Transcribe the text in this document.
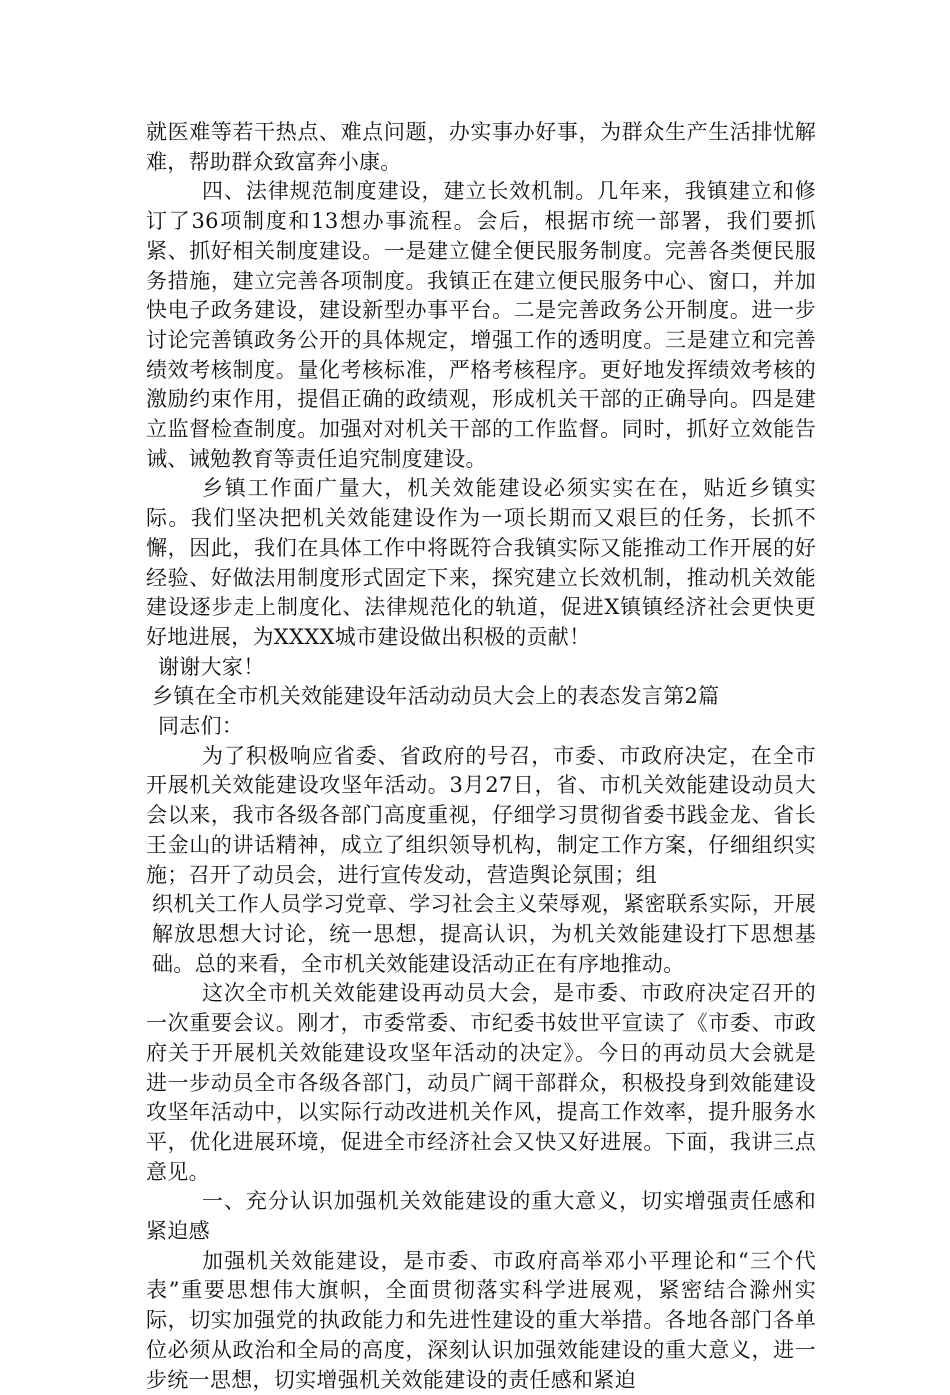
就医难等若干热点、难点问题，办实事办好事，为群众生产生活排忧解难，帮助群众致富奔小康。

四、法律规范制度建设，建立长效机制。几年来，我镇建立和修订了36项制度和13想办事流程。会后，根据市统一部署，我们要抓紧、抓好相关制度建设。一是建立健全便民服务制度。完善各类便民服务措施，建立完善各项制度。我镇正在建立便民服务中心、窗口，并加快电子政务建设，建设新型办事平台。二是完善政务公开制度。进一步讨论完善镇政务公开的具体规定，增强工作的透明度。三是建立和完善绩效考核制度。量化考核标准，严格考核程序。更好地发挥绩效考核的激励约束作用，提倡正确的政绩观，形成机关干部的正确导向。四是建立监督检查制度。加强对对机关干部的工作监督。同时，抓好立效能告诫、诫勉教育等责任追究制度建设。

乡镇工作面广量大，机关效能建设必须实实在在，贴近乡镇实际。我们坚决把机关效能建设作为一项长期而又艰巨的任务，长抓不懈，因此，我们在具体工作中将既符合我镇实际又能推动工作开展的好经验、好做法用制度形式固定下来，探究建立长效机制，推动机关效能建设逐步走上制度化、法律规范化的轨道，促进X镇镇经济社会更快更好地进展，为XXXX城市建设做出积极的贡献！

谢谢大家！

乡镇在全市机关效能建设年活动动员大会上的表态发言第2篇

同志们：

为了积极响应省委、省政府的号召，市委、市政府决定，在全市开展机关效能建设攻坚年活动。3月27日，省、市机关效能建设动员大会以来，我市各级各部门高度重视，仔细学习贯彻省委书践金龙、省长王金山的讲话精神，成立了组织领导机构，制定工作方案，仔细组织实施；召开了动员会，进行宣传发动，营造舆论氛围；组

织机关工作人员学习党章、学习社会主义荣辱观，紧密联系实际，开展解放思想大讨论，统一思想，提高认识，为机关效能建设打下思想基础。总的来看，全市机关效能建设活动正在有序地推动。

这次全市机关效能建设再动员大会，是市委、市政府决定召开的一次重要会议。刚才，市委常委、市纪委书妓世平宣读了《市委、市政府关于开展机关效能建设攻坚年活动的决定》。今日的再动员大会就是进一步动员全市各级各部门，动员广阔干部群众，积极投身到效能建设攻坚年活动中，以实际行动改进机关作风，提高工作效率，提升服务水平，优化进展环境，促进全市经济社会又快又好进展。下面，我讲三点意见。

一、充分认识加强机关效能建设的重大意义，切实增强责任感和紧迫感

加强机关效能建设，是市委、市政府高举邓小平理论和“三个代表”重要思想伟大旗帜，全面贯彻落实科学进展观，紧密结合滁州实际，切实加强党的执政能力和先进性建设的重大举措。各地各部门各单位必须从政治和全局的高度，深刻认识加强效能建设的重大意义，进一步统一思想，切实增强机关效能建设的责任感和紧迫
